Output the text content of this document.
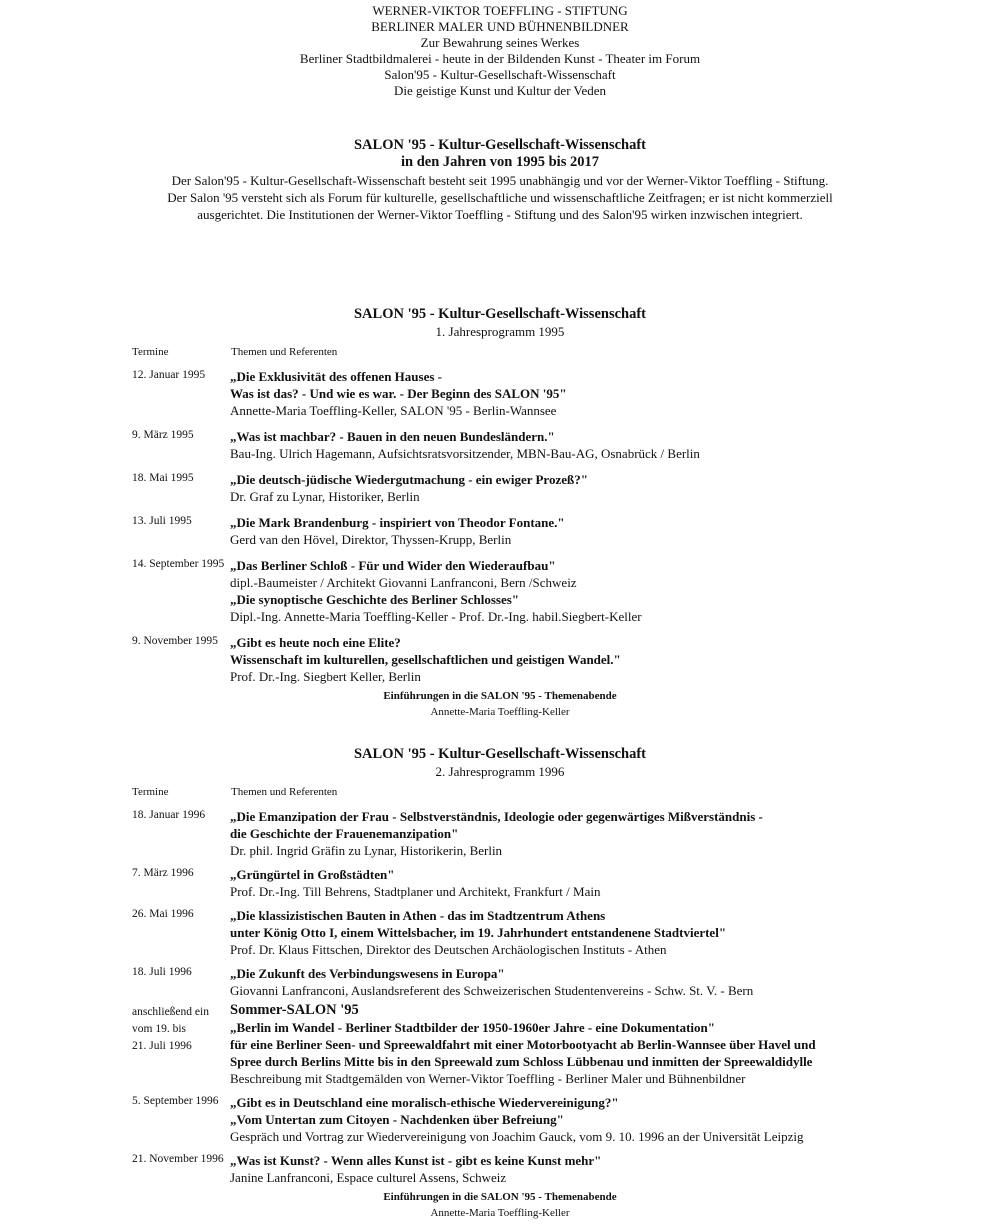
WERNER-VIKTOR TOEFFLING - STIFTUNG
BERLINER MALER UND BÜHNENBILDNER
Zur Bewahrung seines Werkes
Berliner Stadtbildmalerei - heute in der Bildenden Kunst - Theater im Forum
Salon'95 - Kultur-Gesellschaft-Wissenschaft
Die geistige Kunst und Kultur der Veden
SALON '95 - Kultur-Gesellschaft-Wissenschaft
in den Jahren von 1995 bis 2017
Der Salon'95 - Kultur-Gesellschaft-Wissenschaft besteht seit 1995 unabhängig und vor der Werner-Viktor Toeffling - Stiftung.
Der Salon '95 versteht sich als Forum für kulturelle, gesellschaftliche und wissenschaftliche Zeitfragen; er ist nicht kommerziell
ausgerichtet. Die Institutionen der Werner-Viktor Toeffling - Stiftung und des Salon'95 wirken inzwischen integriert.
SALON '95 - Kultur-Gesellschaft-Wissenschaft
1. Jahresprogramm 1995
Termine	Themen und Referenten
12. Januar 1995 „Die Exklusivität des offenen Hauses -
Was ist das? - Und wie es war. - Der Beginn des SALON '95"
Annette-Maria Toeffling-Keller, SALON '95 - Berlin-Wannsee
9. März 1995	„Was ist machbar? - Bauen in den neuen Bundesländern."
Bau-Ing. Ulrich Hagemann, Aufsichtsratsvorsitzender, MBN-Bau-AG, Osnabrück / Berlin
18. Mai 1995	„Die deutsch-jüdische Wiedergutmachung - ein ewiger Prozeß?"
Dr. Graf zu Lynar, Historiker, Berlin
13. Juli 1995	„Die Mark Brandenburg - inspiriert von Theodor Fontane."
Gerd van den Hövel, Direktor, Thyssen-Krupp, Berlin
14. September 1995 „Das Berliner Schloß - Für und Wider den Wiederaufbau"
dipl.-Baumeister / Architekt Giovanni Lanfranconi, Bern /Schweiz
„Die synoptische Geschichte des Berliner Schlosses"
Dipl.-Ing. Annette-Maria Toeffling-Keller - Prof. Dr.-Ing. habil.Siegbert-Keller
9. November 1995 „Gibt es heute noch eine Elite?
Wissenschaft im kulturellen, gesellschaftlichen und geistigen Wandel."
Prof. Dr.-Ing. Siegbert Keller, Berlin
Einführungen in die SALON '95 - Themenabende
Annette-Maria Toeffling-Keller
SALON '95 - Kultur-Gesellschaft-Wissenschaft
2. Jahresprogramm 1996
Termine	Themen und Referenten
18. Januar 1996 „Die Emanzipation der Frau - Selbstverständnis, Ideologie oder gegenwärtiges Mißverständnis -
die Geschichte der Frauenemanzipation"
Dr. phil. Ingrid Gräfin zu Lynar, Historikerin, Berlin
7. März 1996	„Grüngürtel in Großstädten"
Prof. Dr.-Ing. Till Behrens, Stadtplaner und Architekt, Frankfurt / Main
26. Mai 1996	„Die klassizistischen Bauten in Athen - das im Stadtzentrum Athens
unter König Otto I, einem Wittelsbacher, im 19. Jahrhundert entstandenene Stadtviertel"
Prof. Dr. Klaus Fittschen, Direktor des Deutschen Archäologischen Instituts - Athen
18. Juli 1996	„Die Zukunft des Verbindungswesens in Europa"
Giovanni Lanfranconi, Auslandsreferent des Schweizerischen Studentenvereins - Schw. St. V. - Bern
anschließend ein
vom 19. bis
21. Juli 1996
Sommer-SALON '95
„Berlin im Wandel - Berliner Stadtbilder der 1950-1960er Jahre - eine Dokumentation"
für eine Berliner Seen- und Spreewaldfahrt mit einer Motorbootyacht ab Berlin-Wannsee über Havel und
Spree durch Berlins Mitte bis in den Spreewald zum Schloss Lübbenau und inmitten der Spreewaldidylle
Beschreibung mit Stadtgemälden von Werner-Viktor Toeffling - Berliner Maler und Bühnenbildner
5. September 1996 „Gibt es in Deutschland eine moralisch-ethische Wiedervereinigung?"
„Vom Untertan zum Citoyen - Nachdenken über Befreiung"
Gespräch und Vortrag zur Wiedervereinigung von Joachim Gauck, vom 9. 10. 1996 an der Universität Leipzig
21. November 1996 „Was ist Kunst? - Wenn alles Kunst ist - gibt es keine Kunst mehr"
Janine Lanfranconi, Espace culturel Assens, Schweiz
Einführungen in die SALON '95 - Themenabende
Annette-Maria Toeffling-Keller
